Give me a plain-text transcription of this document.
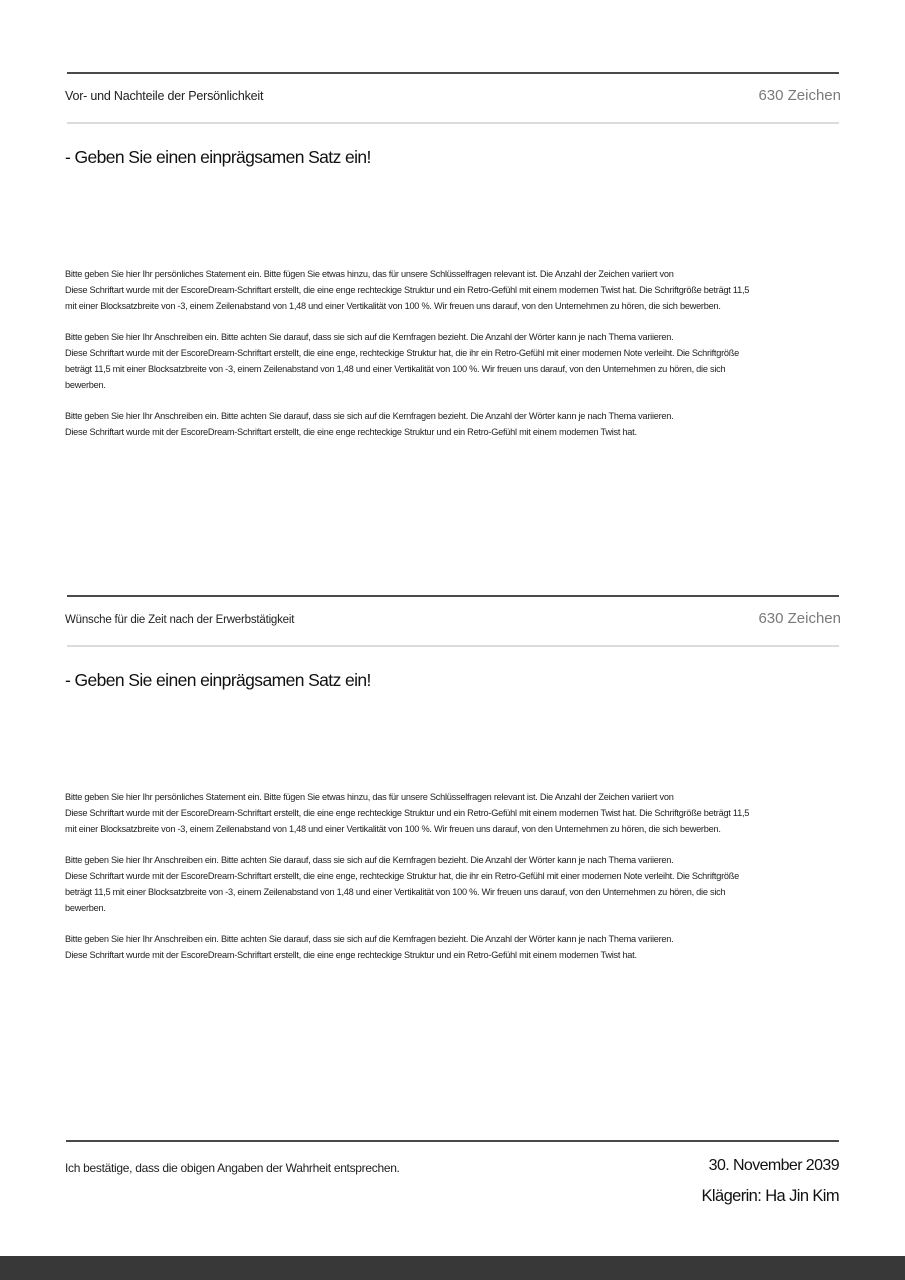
Vor- und Nachteile der Persönlichkeit	630 Zeichen
- Geben Sie einen einprägsamen Satz ein!

Bitte geben Sie hier Ihr persönliches Statement ein. Bitte fügen Sie etwas hinzu, das für unsere Schlüsselfragen relevant ist. Die Anzahl der Zeichen variiert von
Diese Schriftart wurde mit der EscoreDream-Schriftart erstellt, die eine enge rechteckige Struktur und ein Retro-Gefühl mit einem modernen Twist hat. Die Schriftgröße beträgt 11,5
mit einer Blocksatzbreite von -3, einem Zeilenabstand von 1,48 und einer Vertikalität von 100 %. Wir freuen uns darauf, von den Unternehmen zu hören, die sich bewerben.

Bitte geben Sie hier Ihr Anschreiben ein. Bitte achten Sie darauf, dass sie sich auf die Kernfragen bezieht. Die Anzahl der Wörter kann je nach Thema variieren.
Diese Schriftart wurde mit der EscoreDream-Schriftart erstellt, die eine enge, rechteckige Struktur hat, die ihr ein Retro-Gefühl mit einer modernen Note verleiht. Die Schriftgröße
beträgt 11,5 mit einer Blocksatzbreite von -3, einem Zeilenabstand von 1,48 und einer Vertikalität von 100 %. Wir freuen uns darauf, von den Unternehmen zu hören, die sich
bewerben.

Bitte geben Sie hier Ihr Anschreiben ein. Bitte achten Sie darauf, dass sie sich auf die Kernfragen bezieht. Die Anzahl der Wörter kann je nach Thema variieren.
Diese Schriftart wurde mit der EscoreDream-Schriftart erstellt, die eine enge rechteckige Struktur und ein Retro-Gefühl mit einem modernen Twist hat.

Wünsche für die Zeit nach der Erwerbstätigkeit	630 Zeichen
- Geben Sie einen einprägsamen Satz ein!

Bitte geben Sie hier Ihr persönliches Statement ein. Bitte fügen Sie etwas hinzu, das für unsere Schlüsselfragen relevant ist. Die Anzahl der Zeichen variiert von
Diese Schriftart wurde mit der EscoreDream-Schriftart erstellt, die eine enge rechteckige Struktur und ein Retro-Gefühl mit einem modernen Twist hat. Die Schriftgröße beträgt 11,5
mit einer Blocksatzbreite von -3, einem Zeilenabstand von 1,48 und einer Vertikalität von 100 %. Wir freuen uns darauf, von den Unternehmen zu hören, die sich bewerben.

Bitte geben Sie hier Ihr Anschreiben ein. Bitte achten Sie darauf, dass sie sich auf die Kernfragen bezieht. Die Anzahl der Wörter kann je nach Thema variieren.
Diese Schriftart wurde mit der EscoreDream-Schriftart erstellt, die eine enge, rechteckige Struktur hat, die ihr ein Retro-Gefühl mit einer modernen Note verleiht. Die Schriftgröße
beträgt 11,5 mit einer Blocksatzbreite von -3, einem Zeilenabstand von 1,48 und einer Vertikalität von 100 %. Wir freuen uns darauf, von den Unternehmen zu hören, die sich
bewerben.

Bitte geben Sie hier Ihr Anschreiben ein. Bitte achten Sie darauf, dass sie sich auf die Kernfragen bezieht. Die Anzahl der Wörter kann je nach Thema variieren.
Diese Schriftart wurde mit der EscoreDream-Schriftart erstellt, die eine enge rechteckige Struktur und ein Retro-Gefühl mit einem modernen Twist hat.

Ich bestätige, dass die obigen Angaben der Wahrheit entsprechen.	30. November 2039
Klägerin: Ha Jin Kim
